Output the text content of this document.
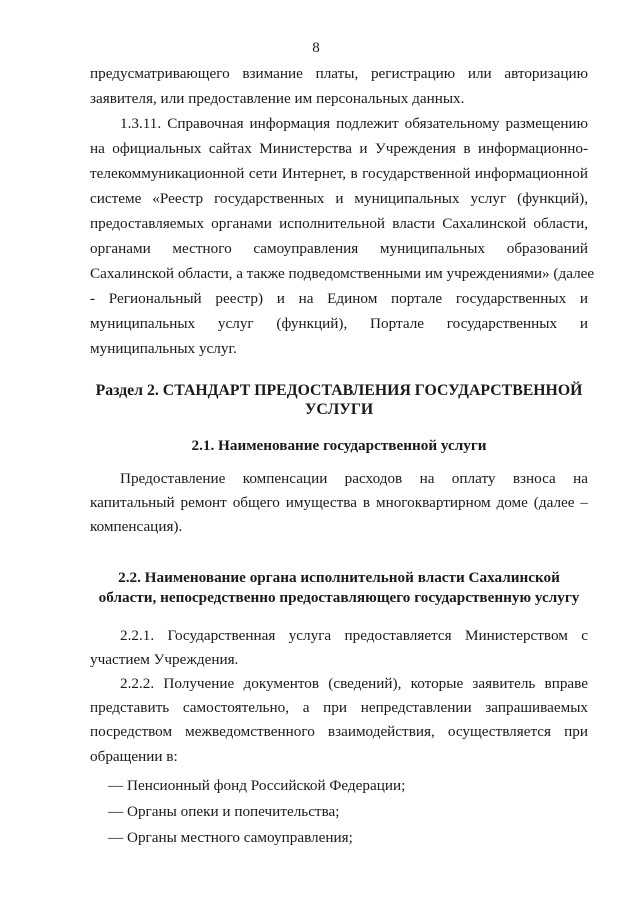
8
предусматривающего взимание платы, регистрацию или авторизацию
заявителя, или предоставление им персональных данных.
1.3.11. Справочная информация подлежит обязательному размещению
на официальных сайтах Министерства и Учреждения в информационно-
телекоммуникационной сети Интернет, в государственной информационной
системе «Реестр государственных и муниципальных услуг (функций),
предоставляемых органами исполнительной власти Сахалинской области,
органами местного самоуправления муниципальных образований
Сахалинской области, а также подведомственными им учреждениями» (далее
- Региональный реестр) и на Едином портале государственных и
муниципальных услуг (функций), Портале государственных и
муниципальных услуг.
Раздел 2. СТАНДАРТ ПРЕДОСТАВЛЕНИЯ ГОСУДАРСТВЕННОЙ
УСЛУГИ
2.1. Наименование государственной услуги
Предоставление компенсации расходов на оплату взноса на
капитальный ремонт общего имущества в многоквартирном доме (далее –
компенсация).
2.2. Наименование органа исполнительной власти Сахалинской
области, непосредственно предоставляющего государственную услугу
2.2.1. Государственная услуга предоставляется Министерством с
участием Учреждения.
2.2.2. Получение документов (сведений), которые заявитель вправе
представить самостоятельно, а при непредставлении запрашиваемых
посредством межведомственного взаимодействия, осуществляется при
обращении в:
— Пенсионный фонд Российской Федерации;
— Органы опеки и попечительства;
— Органы местного самоуправления;
